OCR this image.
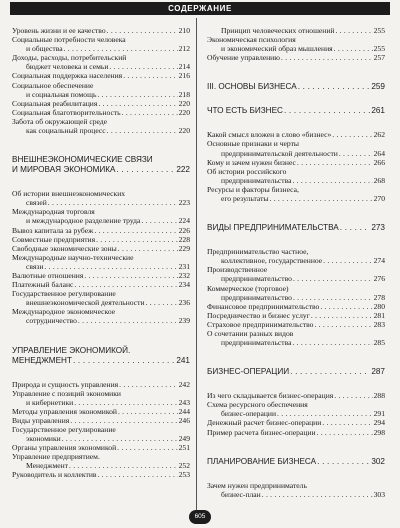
СОДЕРЖАНИЕ
Уровень жизни и ее качество . . .	210
Социальные потребности человека
и общества . . .	212
Доходы, расходы, потребительский
бюджет человека и семьи . . .	214
Социальная поддержка населения . . .	216
Социальное обеспечение
и социальная помощь . . .	218
Социальная реабилитация . . .	220
Социальная благотворительность . . .	220
Забота об окружающей среде
как социальный процесс . . .	220
ВНЕШНЕЭКОНОМИЧЕСКИЕ СВЯЗИ
И МИРОВАЯ ЭКОНОМИКА . . .	222
Об истории внешнеэкономических
связей . . .	223
Международная торговля
и международное разделение труда . . .	224
Вывоз капитала за рубеж . . .	226
Совместные предприятия . . .	228
Свободные экономические зоны . . .	229
Международные научно-технические
связи . . .	231
Валютные отношения . . .	232
Платежный баланс . . .	234
Государственное регулирование
внешнеэкономической деятельности . . .	236
Международное экономическое
сотрудничество . . .	239
УПРАВЛЕНИЕ ЭКОНОМИКОЙ.
МЕНЕДЖМЕНТ . . .	241
Природа и сущность управления . . .	242
Управление с позиций экономики
и кибернетики . . .	243
Методы управления экономикой . . .	244
Виды управления . . .	246
Государственное регулирование
экономики . . .	249
Органы управления экономикой . . .	251
Управление предприятием.
Менеджмент . . .	252
Руководитель и коллектив . . .	253
Принцип человеческих отношений . . .	255
Экономическая психология
и экономический образ мышления . . .	255
Обучение управлению . . .	257
III. ОСНОВЫ БИЗНЕСА . . .	259
ЧТО ЕСТЬ БИЗНЕС . . .	261
Какой смысл вложен в слово «бизнес» . . .	262
Основные признаки и черты
предпринимательской деятельности . . .	264
Кому и зачем нужен бизнес . . .	266
Об истории российского
предпринимательства . . .	268
Ресурсы и факторы бизнеса,
его результаты . . .	270
ВИДЫ ПРЕДПРИНИМАТЕЛЬСТВА . . .	273
Предпринимательство частное,
коллективное, государственное . . .	274
Производственное
предпринимательство . . .	276
Коммерческое (торговое)
предпринимательство . . .	278
Финансовое предпринимательство . . .	280
Посредничество и бизнес услуг . . .	281
Страховое предпринимательство . . .	283
О сочетании разных видов
предпринимательства . . .	285
БИЗНЕС-ОПЕРАЦИИ . . .	287
Из чего складывается бизнес-операция . . .	288
Схема ресурсного обеспечения
бизнес-операции . . .	291
Денежный расчет бизнес-операции . . .	294
Пример расчета бизнес-операции . . .	298
ПЛАНИРОВАНИЕ БИЗНЕСА . . .	302
Зачем нужен предприниматель
бизнес-план . . .	303
605
